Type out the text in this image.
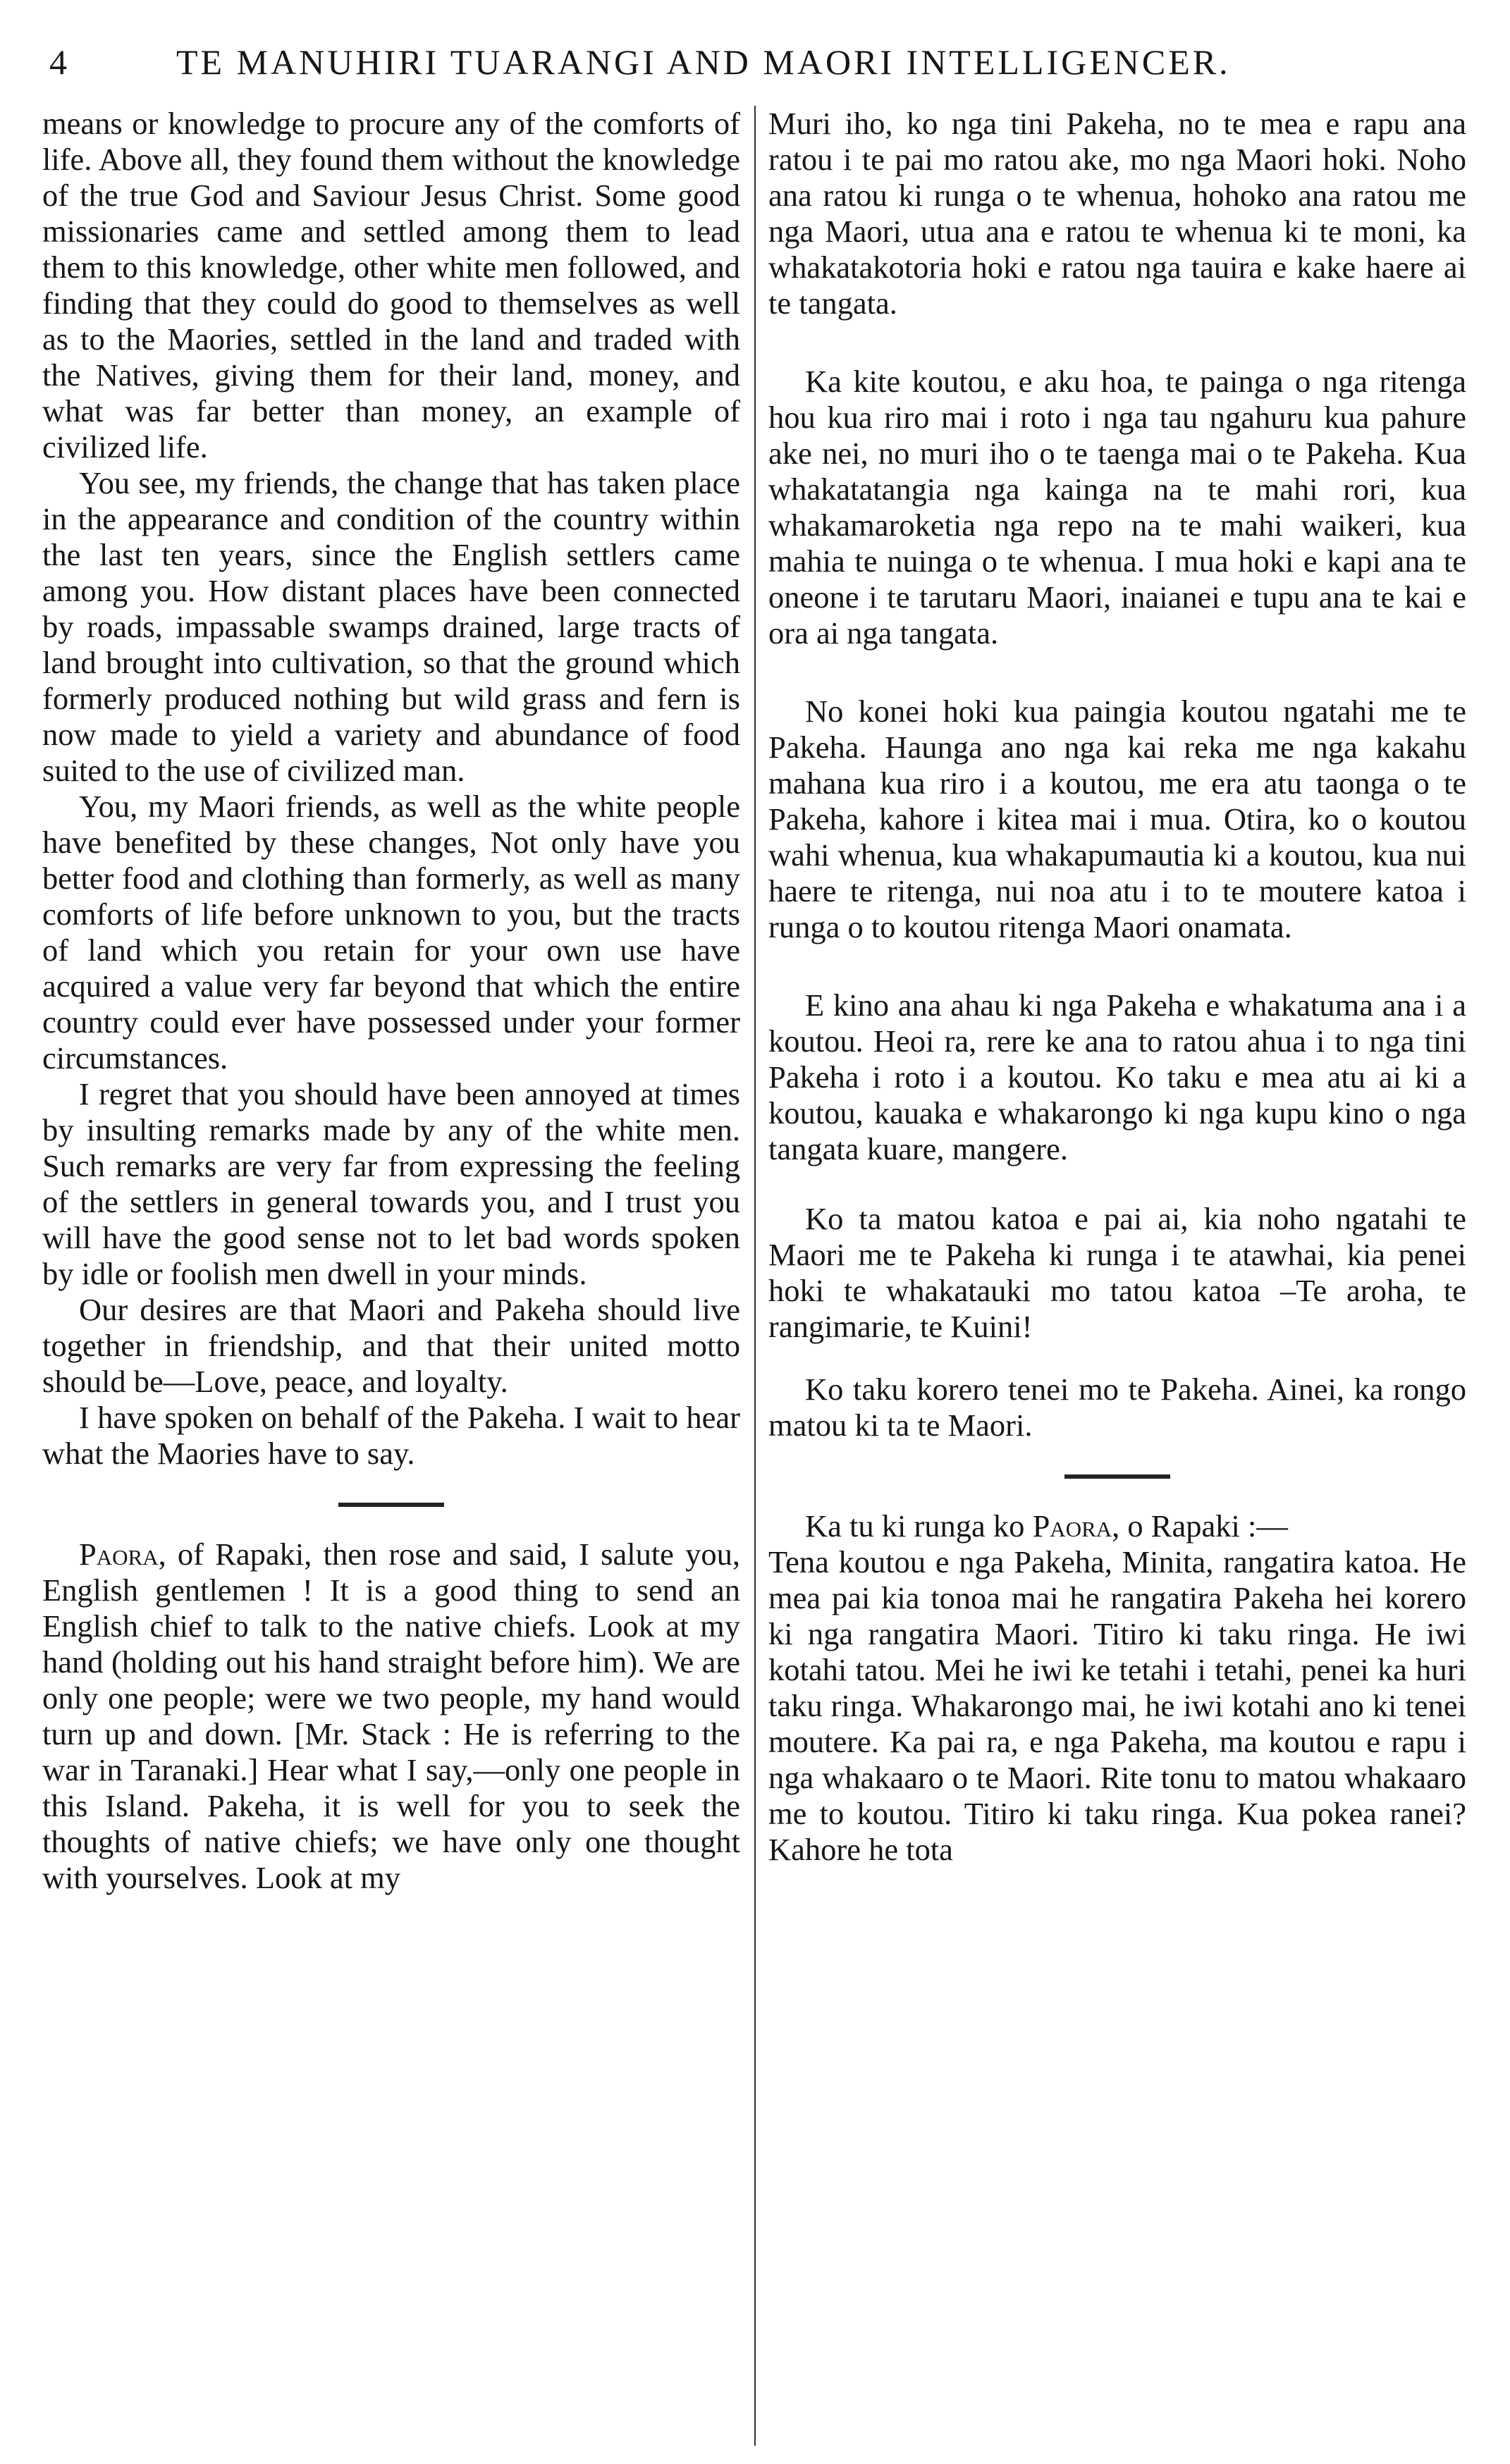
4	TE MANUHIRI TUARANGI AND MAORI INTELLIGENCER.

means or knowledge to procure any of the comforts of life. Above all, they found them without the knowledge of the true God and Saviour Jesus Christ. Some good missionaries came and settled among them to lead them to this knowledge, other white men followed, and finding that they could do good to themselves as well as to the Maories, settled in the land and traded with the Natives, giving them for their land, money, and what was far better than money, an example of civilized life.

You see, my friends, the change that has taken place in the appearance and condition of the country within the last ten years, since the English settlers came among you. How distant places have been connected by roads, impassable swamps drained, large tracts of land brought into cultivation, so that the ground which formerly produced nothing but wild grass and fern is now made to yield a variety and abundance of food suited to the use of civilized man.

You, my Maori friends, as well as the white people have benefited by these changes, Not only have you better food and clothing than formerly, as well as many comforts of life before unknown to you, but the tracts of land which you retain for your own use have acquired a value very far beyond that which the entire country could ever have possessed under your former circumstances.

I regret that you should have been annoyed at times by insulting remarks made by any of the white men. Such remarks are very far from expressing the feeling of the settlers in general towards you, and I trust you will have the good sense not to let bad words spoken by idle or foolish men dwell in your minds.

Our desires are that Maori and Pakeha should live together in friendship, and that their united motto should be—Love, peace, and loyalty.

I have spoken on behalf of the Pakeha. I wait to hear what the Maories have to say.

Paora, of Rapaki, then rose and said, I salute you, English gentlemen ! It is a good thing to send an English chief to talk to the native chiefs. Look at my hand (holding out his hand straight before him). We are only one people; were we two people, my hand would turn up and down. [Mr. Stack : He is referring to the war in Taranaki.] Hear what I say,—only one people in this Island. Pakeha, it is well for you to seek the thoughts of native chiefs; we have only one thought with yourselves. Look at my

Muri iho, ko nga tini Pakeha, no te mea e rapu ana ratou i te pai mo ratou ake, mo nga Maori hoki. Noho ana ratou ki runga o te whenua, hohoko ana ratou me nga Maori, utua ana e ratou te whenua ki te moni, ka whakatakotoria hoki e ratou nga tauira e kake haere ai te tangata.

Ka kite koutou, e aku hoa, te painga o nga ritenga hou kua riro mai i roto i nga tau ngahuru kua pahure ake nei, no muri iho o te taenga mai o te Pakeha. Kua whakatatangia nga kainga na te mahi rori, kua whakamaroketia nga repo na te mahi waikeri, kua mahia te nuinga o te whenua. I mua hoki e kapi ana te oneone i te tarutaru Maori, inaianei e tupu ana te kai e ora ai nga tangata.

No konei hoki kua paingia koutou ngatahi me te Pakeha. Haunga ano nga kai reka me nga kakahu mahana kua riro i a koutou, me era atu taonga o te Pakeha, kahore i kitea mai i mua. Otira, ko o koutou wahi whenua, kua whakapumautia ki a koutou, kua nui haere te ritenga, nui noa atu i to te moutere katoa i runga o to koutou ritenga Maori onamata.

E kino ana ahau ki nga Pakeha e whakatuma ana i a koutou. Heoi ra, rere ke ana to ratou ahua i to nga tini Pakeha i roto i a koutou. Ko taku e mea atu ai ki a koutou, kauaka e whakarongo ki nga kupu kino o nga tangata kuare, mangere.

Ko ta matou katoa e pai ai, kia noho ngatahi te Maori me te Pakeha ki runga i te atawhai, kia penei hoki te whakatauki mo tatou katoa –Te aroha, te rangimarie, te Kuini!

Ko taku korero tenei mo te Pakeha. Ainei, ka rongo matou ki ta te Maori.

Ka tu ki runga ko Paora, o Rapaki :—

Tena koutou e nga Pakeha, Minita, rangatira katoa. He mea pai kia tonoa mai he rangatira Pakeha hei korero ki nga rangatira Maori. Titiro ki taku ringa. He iwi kotahi tatou. Mei he iwi ke tetahi i tetahi, penei ka huri taku ringa. Whakarongo mai, he iwi kotahi ano ki tenei moutere. Ka pai ra, e nga Pakeha, ma koutou e rapu i nga whakaaro o te Maori. Rite tonu to matou whakaaro me to koutou. Titiro ki taku ringa. Kua pokea ranei? Kahore he tota
